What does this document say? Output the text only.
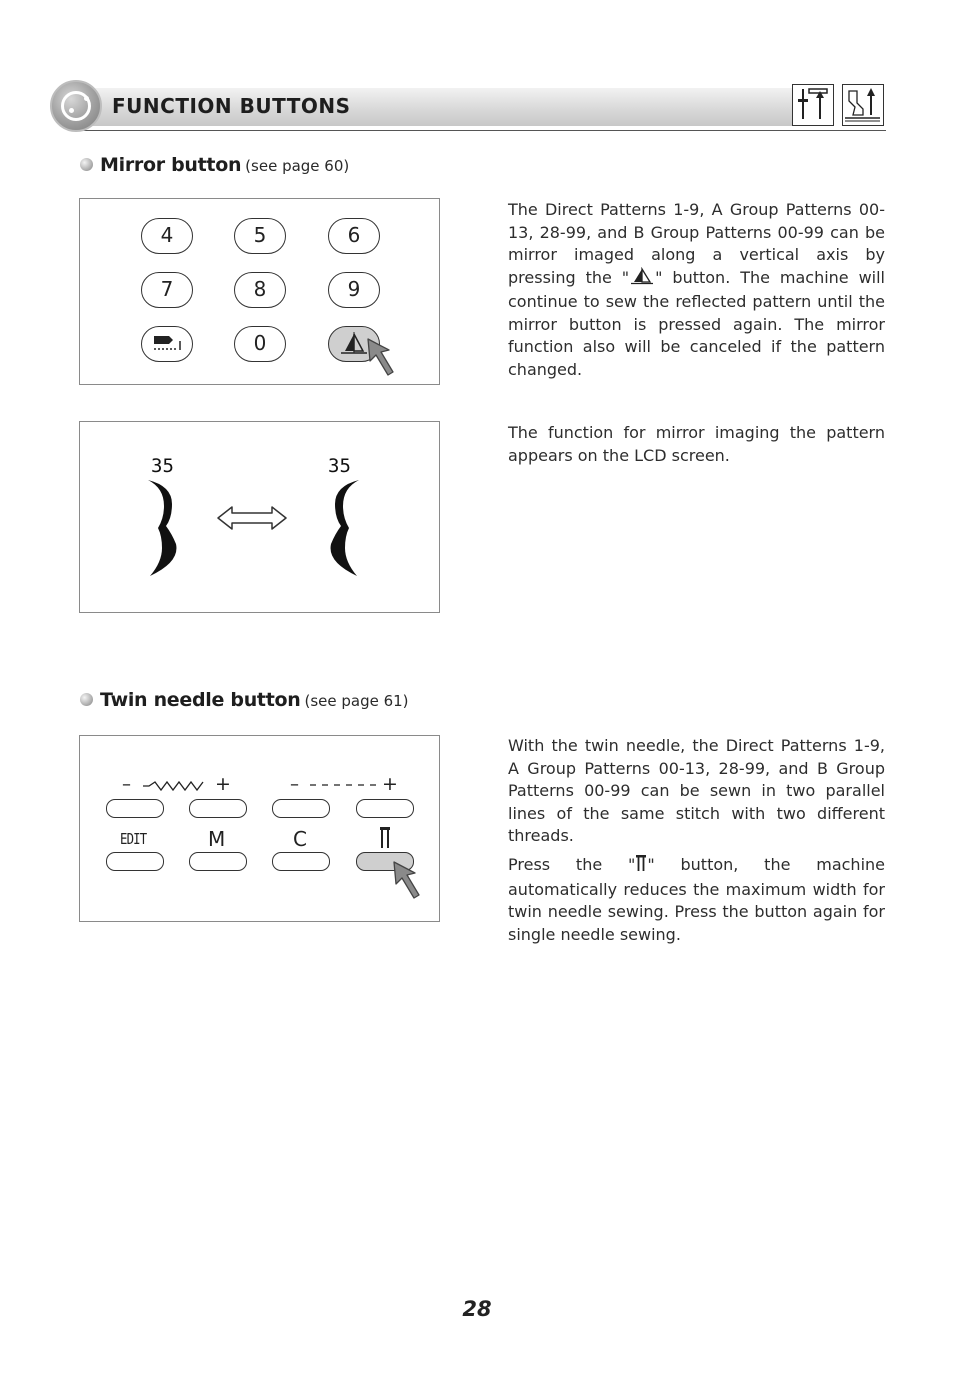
FUNCTION BUTTONS
Mirror button (see page 60)
4	5	6
7	8	9
0

The Direct Patterns 1-9, A Group Patterns 00-13, 28-99, and B Group Patterns 00-99 can be mirror imaged along a vertical axis by pressing the " " button. The machine will continue to sew the reflected pattern until the mirror button is pressed again. The mirror function also will be canceled if the pattern changed.

35	35

The function for mirror imaging the pattern appears on the LCD screen.

Twin needle button (see page 61)
–	+	–	+
EDIT	M	C

With the twin needle, the Direct Patterns 1-9, A Group Patterns 00-13, 28-99, and B Group Patterns 00-99 can be sewn in two parallel lines of the same stitch with two different threads.

Press the " " button, the machine automatically reduces the maximum width for twin needle sewing. Press the button again for single needle sewing.

28
